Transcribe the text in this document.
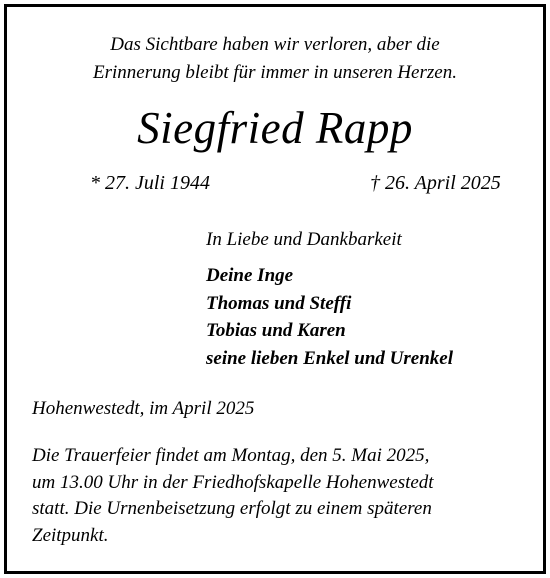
Das Sichtbare haben wir verloren, aber die
Erinnerung bleibt für immer in unseren Herzen.
Siegfried Rapp
* 27. Juli 1944	† 26. April 2025
In Liebe und Dankbarkeit
Deine Inge
Thomas und Steffi
Tobias und Karen
seine lieben Enkel und Urenkel
Hohenwestedt, im April 2025
Die Trauerfeier findet am Montag, den 5. Mai 2025,
um 13.00 Uhr in der Friedhofskapelle Hohenwestedt
statt. Die Urnenbeisetzung erfolgt zu einem späteren
Zeitpunkt.
